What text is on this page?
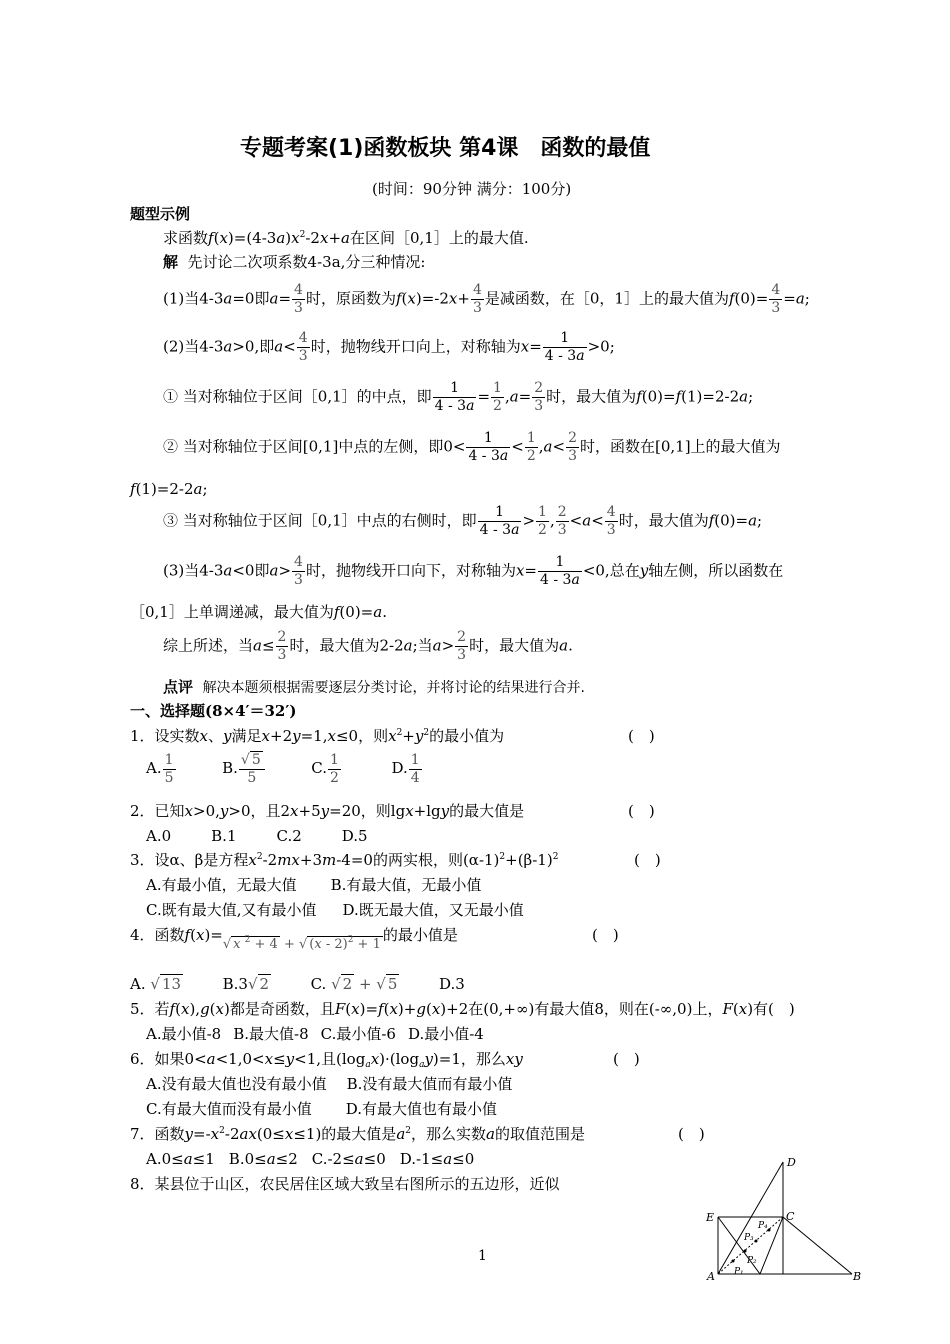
专题考案(1)函数板块 第4课　函数的最值
(时间：90分钟 满分：100分)
题型示例
求函数$f(x)=(4-3a)x^2-2x+a$在区间［0,1］上的最大值.
解  先讨论二次项系数4-3a,分三种情况:
(1)当4-3a=0即$a= \frac{4}{3}$ 时，原函数为$f(x)=-2x+ \frac{4}{3}$ 是减函数，在［0，1］上的最大值为$f(0)= \frac{4}{3} =a$;
(2)当4-3a>0,即$a< \frac{4}{3}$ 时，抛物线开口向上，对称轴为$x= \frac{1}{4 - 3a} >0$;
① 当对称轴位于区间［0,1］的中点，即 $\frac{1}{4 - 3a} = \frac{1}{2} ,a= \frac{2}{3}$ 时，最大值为f(0)=f(1)=2-2a;
② 当对称轴位于区间[0,1]中点的左侧，即$0< \frac{1}{4 - 3a} < \frac{1}{2} ,a< \frac{2}{3}$ 时，函数在[0,1]上的最大值为
f(1)=2-2a;
③ 当对称轴位于区间［0,1］中点的右侧时，即 $\frac{1}{4 - 3a} > \frac{1}{2}$ , $\frac{2}{3} <a< \frac{4}{3}$ 时，最大值为f(0)=a;
(3)当4-3a<0即$a> \frac{4}{3}$ 时，抛物线开口向下，对称轴为$x= \frac{1}{4 - 3a} <0$,总在y轴左侧，所以函数在
［0,1］上单调递减，最大值为f(0)=a.
综上所述，当$a\le \frac{2}{3}$ 时，最大值为2-2a;当$a> \frac{2}{3}$ 时，最大值为a.
点评 解决本题须根据需要逐层分类讨论，并将讨论的结果进行合并.
一、选择题(8×4′＝32′)
1．设实数x、y满足x+2y=1,x≤0，则$x^2+y^2$的最小值为	(　)
A. $\frac{1}{5}$	B. $\frac{√ 5}{5}$	C. $\frac{1}{2}$	D. $\frac{1}{4}$
2．已知x>0,y>0，且2x+5y=20，则lgx+lgy的最大值是	(　)
A.0	B.1	C.2	D.5
3．设α、β是方程$x^2-2mx+3m-4=0$的两实根，则$(\alpha-1)^2+(\beta-1)^2$	(　)
A.有最小值，无最大值 B.有最大值，无最小值
C.既有最大值,又有最小值 D.既无最大值，又无最小值
4．函数f(x)=√ x $^2$ + 4 + √ (x - 2)$^2$ + 1的最小值是	(　)
A. √ 13	B.3√ 2	C. √ 2 + √ 5	D.3
5．若f(x),g(x)都是奇函数，且F(x)=f(x)+g(x)+2在(0,+∞)有最大值8，则在(-∞,0)上，F(x)有(　)
A.最小值-8 B.最大值-8 C.最小值-6 D.最小值-4
6．如果0<a<1,0<x≤y<1,且$(\log_ax)\cdot(\log_ay)=1$，那么xy	(　)
A.没有最大值也没有最小值 B.没有最大值而有最小值
C.有最大值而没有最小值 D.有最大值也有最小值
7．函数$y=-x^2-2ax(0\le x\le 1)$的最大值是$a^2$，那么实数a的取值范围是	(　)
A.0≤a≤1 B.0≤a≤2 C.-2≤a≤0 D.-1≤a≤0
8．某县位于山区，农民居住区域大致呈右图所示的五边形，近似
D
E	C
A	B
P₁
P₂
P₃
P₄
1
